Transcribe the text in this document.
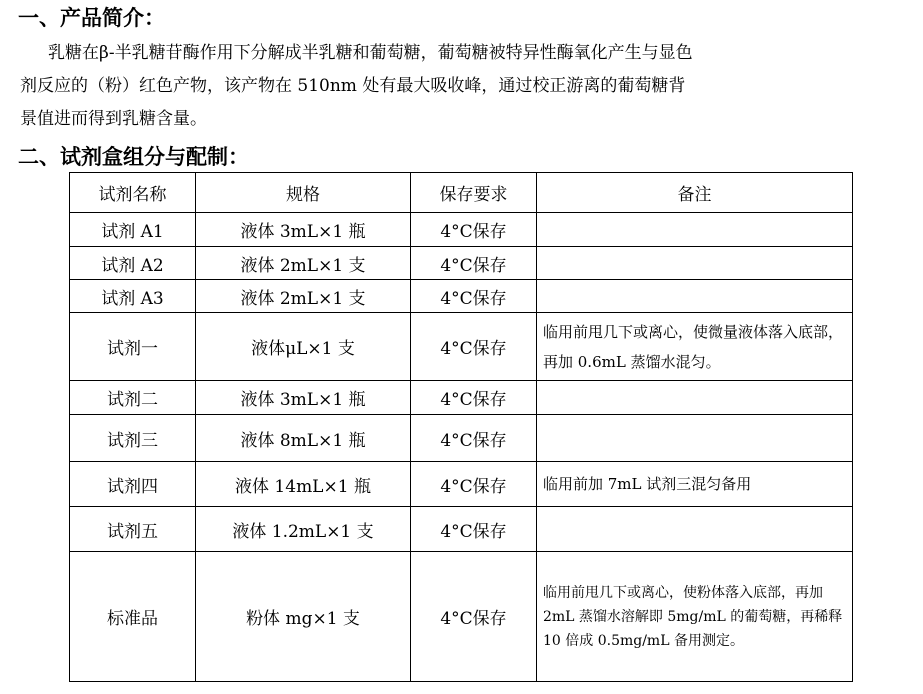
一、产品简介：

乳糖在β-半乳糖苷酶作用下分解成半乳糖和葡萄糖，葡萄糖被特异性酶氧化产生与显色

剂反应的（粉）红色产物，该产物在 510nm 处有最大吸收峰，通过校正游离的葡萄糖背

景值进而得到乳糖含量。

二、试剂盒组分与配制：
试剂名称	规格	保存要求	备注
试剂 A1	液体 3mL×1 瓶	4°C保存	
试剂 A2	液体 2mL×1 支	4°C保存	
试剂 A3	液体 2mL×1 支	4°C保存	
试剂一	液体μL×1 支	4°C保存	临用前甩几下或离心，使微量液体落入底部，再加 0.6mL 蒸馏水混匀。
试剂二	液体 3mL×1 瓶	4°C保存	
试剂三	液体 8mL×1 瓶	4°C保存	
试剂四	液体 14mL×1 瓶	4°C保存	临用前加 7mL 试剂三混匀备用
试剂五	液体 1.2mL×1 支	4°C保存	
标准品	粉体 mg×1 支	4°C保存	临用前甩几下或离心，使粉体落入底部，再加 2mL 蒸馏水溶解即 5mg/mL 的葡萄糖，再稀释 10 倍成 0.5mg/mL 备用测定。
